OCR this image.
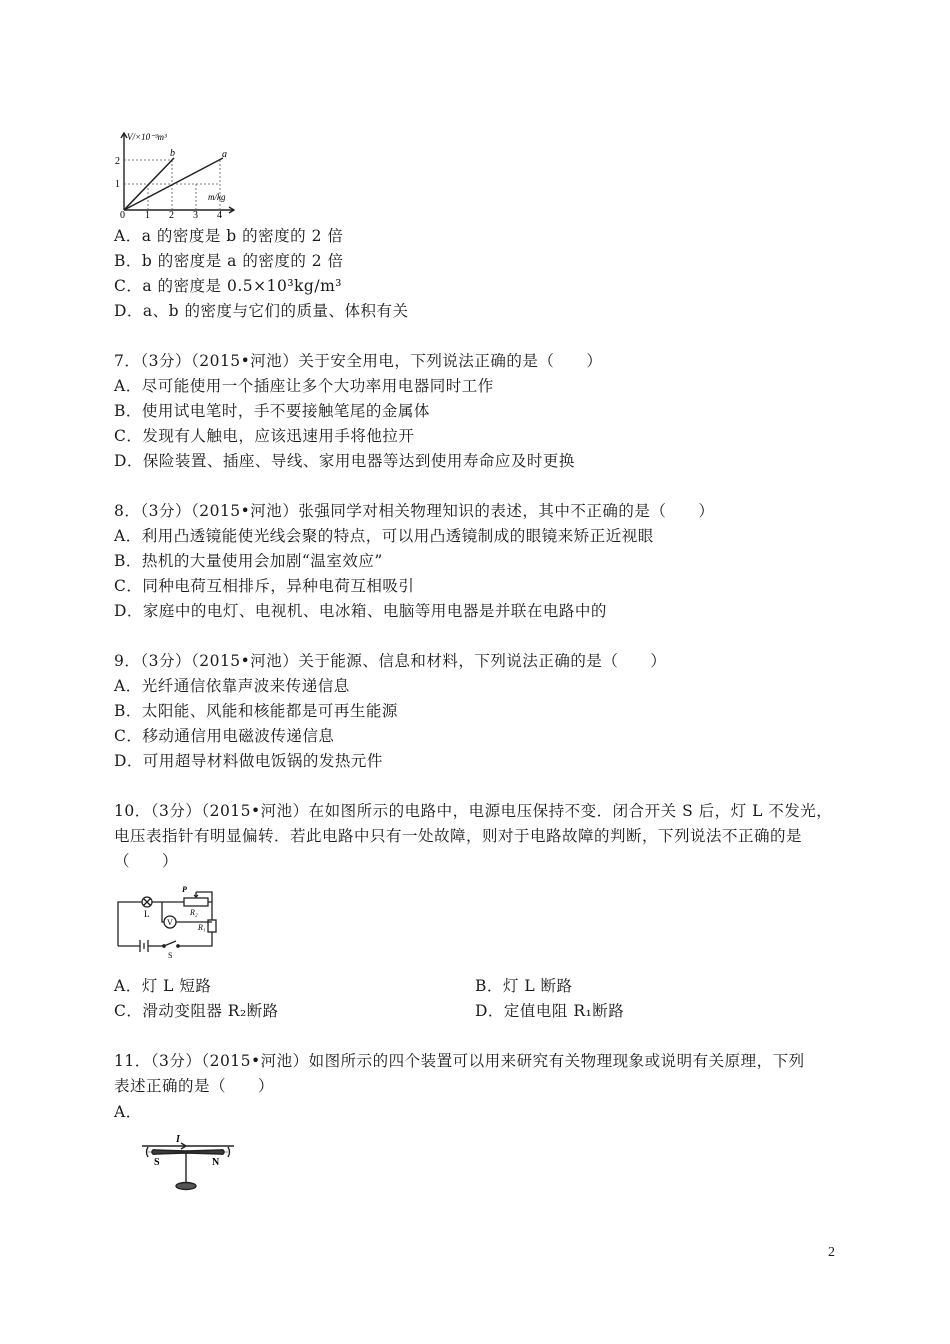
V/×10⁻³m³
m/kg
b	a
2
1
0 1 2 3 4
A．a 的密度是 b 的密度的 2 倍
B．b 的密度是 a 的密度的 2 倍
C．a 的密度是 0.5×10³kg/m³
D．a、b 的密度与它们的质量、体积有关
7．（3分）（2015•河池）关于安全用电，下列说法正确的是（　　）
A．尽可能使用一个插座让多个大功率用电器同时工作
B．使用试电笔时，手不要接触笔尾的金属体
C．发现有人触电，应该迅速用手将他拉开
D．保险装置、插座、导线、家用电器等达到使用寿命应及时更换
8．（3分）（2015•河池）张强同学对相关物理知识的表述，其中不正确的是（　　）
A．利用凸透镜能使光线会聚的特点，可以用凸透镜制成的眼镜来矫正近视眼
B．热机的大量使用会加剧“温室效应”
C．同种电荷互相排斥，异种电荷互相吸引
D．家庭中的电灯、电视机、电冰箱、电脑等用电器是并联在电路中的
9．（3分）（2015•河池）关于能源、信息和材料，下列说法正确的是（　　）
A．光纤通信依靠声波来传递信息
B．太阳能、风能和核能都是可再生能源
C．移动通信用电磁波传递信息
D．可用超导材料做电饭锅的发热元件
10．（3分）（2015•河池）在如图所示的电路中，电源电压保持不变．闭合开关 S 后，灯 L 不发光，
电压表指针有明显偏转．若此电路中只有一处故障，则对于电路故障的判断，下列说法不正确的是
（　　）
L
V
P
R₂
R₁
S
A．灯 L 短路	B．灯 L 断路
C．滑动变阻器 R₂断路	D．定值电阻 R₁断路
11．（3分）（2015•河池）如图所示的四个装置可以用来研究有关物理现象或说明有关原理，下列
表述正确的是（　　）
A．
I
S	N
2
